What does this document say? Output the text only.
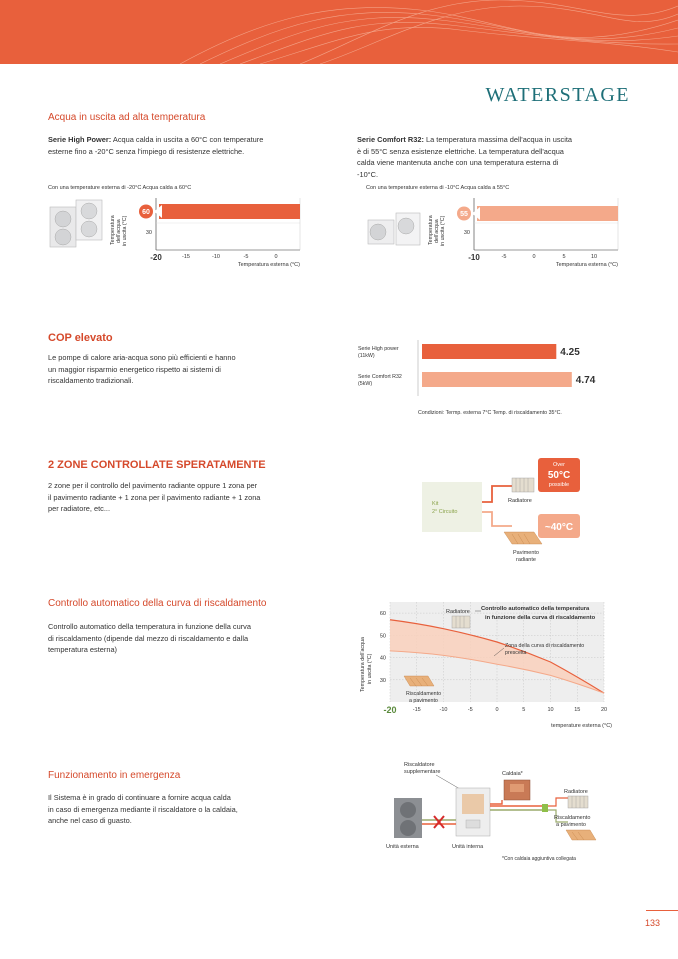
WATERSTAGE
Acqua in uscita ad alta temperatura
Serie High Power: Acqua calda in uscita a 60°C con temperature
esterne fino a -20°C senza l'impiego di resistenze elettriche.
Serie Comfort R32: La temperatura massima dell'acqua in uscita
è di 55°C senza esistenze elettriche. La temperatura dell'acqua
calda viene mantenuta anche con una temperatura esterna di
-10°C.
Con una temperature esterna di -20°C Acqua calda a 60°C	Con una temperature esterna di -10°C Acqua calda a 55°C
Temperatura dell'acqua in uscita (°C)
60
30
-20	-15	-10	-5	0
Temperatura esterna (°C)
Temperatura dell'acqua in uscita (°C)
55
30
-10	-5	0	5	10
Temperatura esterna (°C)
COP elevato
Le pompe di calore aria-acqua sono più efficienti e hanno
un maggior risparmio energetico rispetto ai sistemi di
riscaldamento tradizionali.
Serie High power
(11kW)	4.25
Serie Comfort R32
(5kW)	4.74
Condizioni: Termp. esterna 7°C Temp. di riscaldamento 35°C.
2 ZONE CONTROLLATE SPERATAMENTE
2 zone per il controllo del pavimento radiante oppure 1 zona per
il pavimento radiante + 1 zona per il pavimento radiante + 1 zona
per radiatore, etc...	Kit
2° Circuito
Over
50°C
possible
Radiatore
~40°C
Pavimento
radiante
Controllo automatico della curva di riscaldamento
Controllo automatico della temperatura in funzione della curva
di riscaldamento (dipende dal mezzo di riscaldamento e dalla
temperatura esterna)
60
50
40
30
-20	-15	-10	-5	0	5	10	15	20
Temperatura dell'acqua in uscita (°C)
Radiatore Controllo automatico della temperatura
in funzione della curva di riscaldamento
Zona della curva di riscaldamento
prescelta
Riscaldamento
a pavimento
temperature esterna (°C)
Funzionamento in emergenza
Il Sistema è in grado di continuare a fornire acqua calda
in caso di emergenza mediante il riscaldatore o la caldaia,
anche nel caso di guasto.
Riscaldatore
supplementare	Caldaia*
Radiatore
Riscaldamento
a pavimento
Unità esterna	Unità interna
*Con caldaia aggiuntiva collegata
133
